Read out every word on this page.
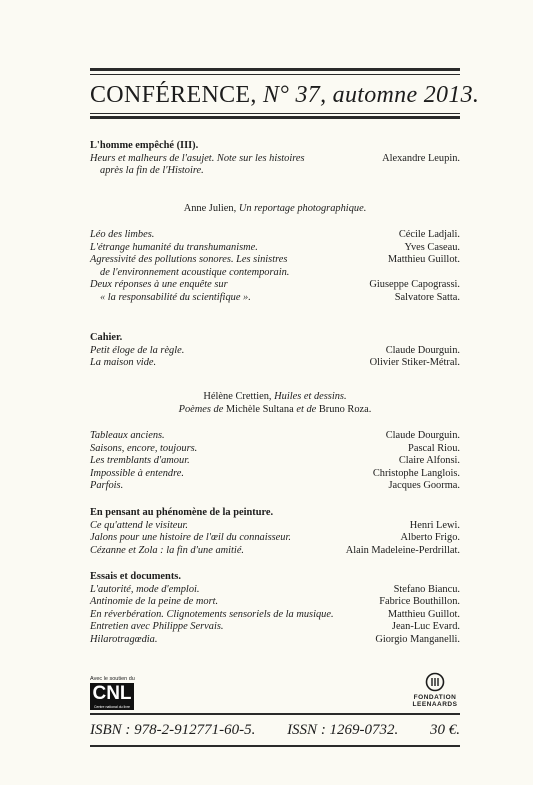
CONFÉRENCE, N° 37, automne 2013.
L'homme empêché (III).
Heurs et malheurs de l'asujet. Note sur les histoires	Alexandre Leupin.
après la fin de l'Histoire.
Anne Julien, Un reportage photographique.
Léo des limbes.	Cécile Ladjali.
L'étrange humanité du transhumanisme.	Yves Caseau.
Agressivité des pollutions sonores. Les sinistres	Matthieu Guillot.
de l'environnement acoustique contemporain.
Deux réponses à une enquête sur	Giuseppe Capograssi.
« la responsabilité du scientifique ».	Salvatore Satta.
Cahier.
Petit éloge de la règle.	Claude Dourguin.
La maison vide.	Olivier Stiker-Métral.
Hélène Crettien, Huiles et dessins.
Poèmes de Michèle Sultana et de Bruno Roza.
Tableaux anciens.	Claude Dourguin.
Saisons, encore, toujours.	Pascal Riou.
Les tremblants d'amour.	Claire Alfonsi.
Impossible à entendre.	Christophe Langlois.
Parfois.	Jacques Goorma.
En pensant au phénomène de la peinture.
Ce qu'attend le visiteur.	Henri Lewi.
Jalons pour une histoire de l'œil du connaisseur.	Alberto Frigo.
Cézanne et Zola : la fin d'une amitié.	Alain Madeleine-Perdrillat.
Essais et documents.
L'autorité, mode d'emploi.	Stefano Biancu.
Antinomie de la peine de mort.	Fabrice Bouthillon.
En réverbération. Clignotements sensoriels de la musique.	Matthieu Guillot.
Entretien avec Philippe Servais.	Jean-Luc Evard.
Hilarotragœdia.	Giorgio Manganelli.
Avec le soutien du
CNL
Centre national du livre
FONDATION
LEENAARDS
ISBN : 978-2-912771-60-5. ISSN : 1269-0732. 30 €.
